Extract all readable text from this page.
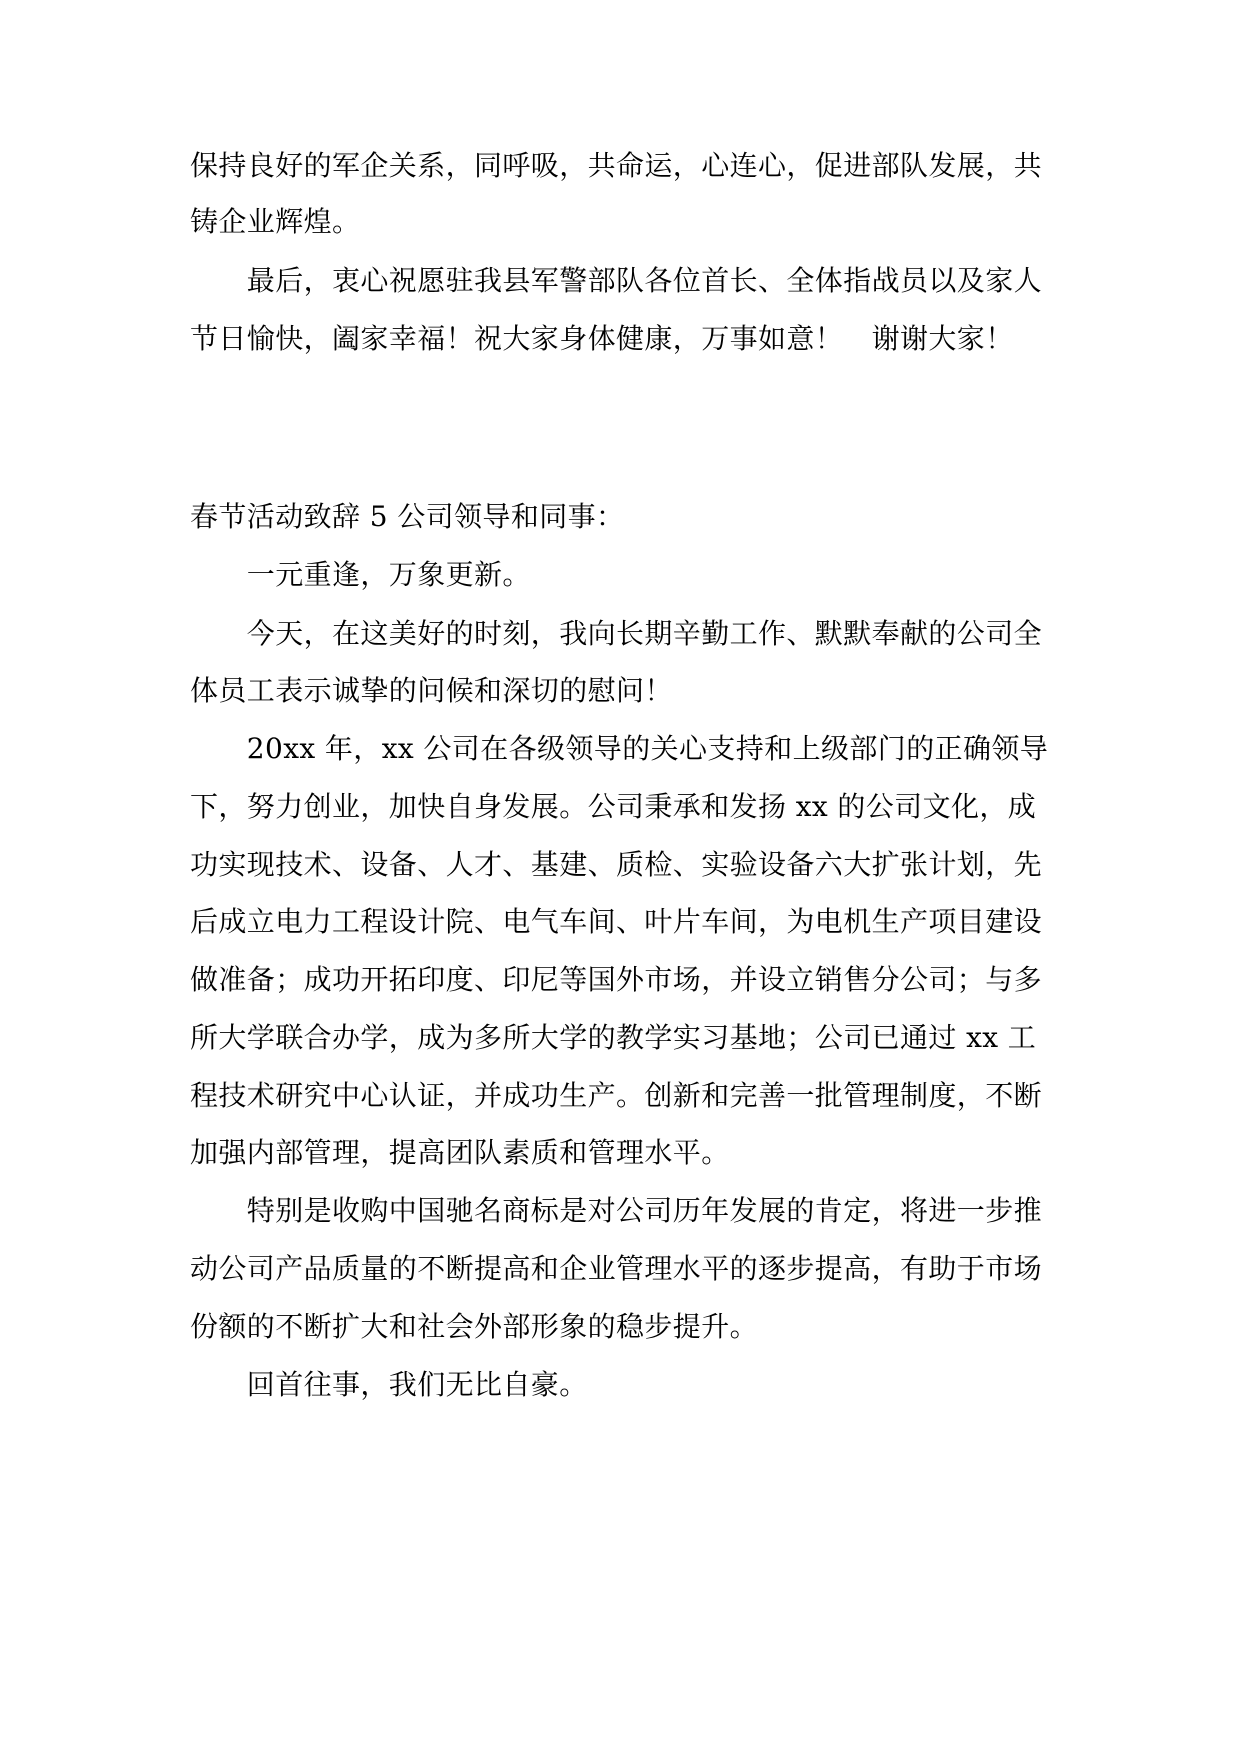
保持良好的军企关系，同呼吸，共命运，心连心，促进部队发展，共
铸企业辉煌。
　　最后，衷心祝愿驻我县军警部队各位首长、全体指战员以及家人
节日愉快，阖家幸福！祝大家身体健康，万事如意！　谢谢大家！
春节活动致辞 5 公司领导和同事：
　　一元重逢，万象更新。
　　今天，在这美好的时刻，我向长期辛勤工作、默默奉献的公司全
体员工表示诚挚的问候和深切的慰问！
　　20xx 年，xx 公司在各级领导的关心支持和上级部门的正确领导
下，努力创业，加快自身发展。公司秉承和发扬 xx 的公司文化，成
功实现技术、设备、人才、基建、质检、实验设备六大扩张计划，先
后成立电力工程设计院、电气车间、叶片车间，为电机生产项目建设
做准备；成功开拓印度、印尼等国外市场，并设立销售分公司；与多
所大学联合办学，成为多所大学的教学实习基地；公司已通过 xx 工
程技术研究中心认证，并成功生产。创新和完善一批管理制度，不断
加强内部管理，提高团队素质和管理水平。
　　特别是收购中国驰名商标是对公司历年发展的肯定，将进一步推
动公司产品质量的不断提高和企业管理水平的逐步提高，有助于市场
份额的不断扩大和社会外部形象的稳步提升。
　　回首往事，我们无比自豪。
